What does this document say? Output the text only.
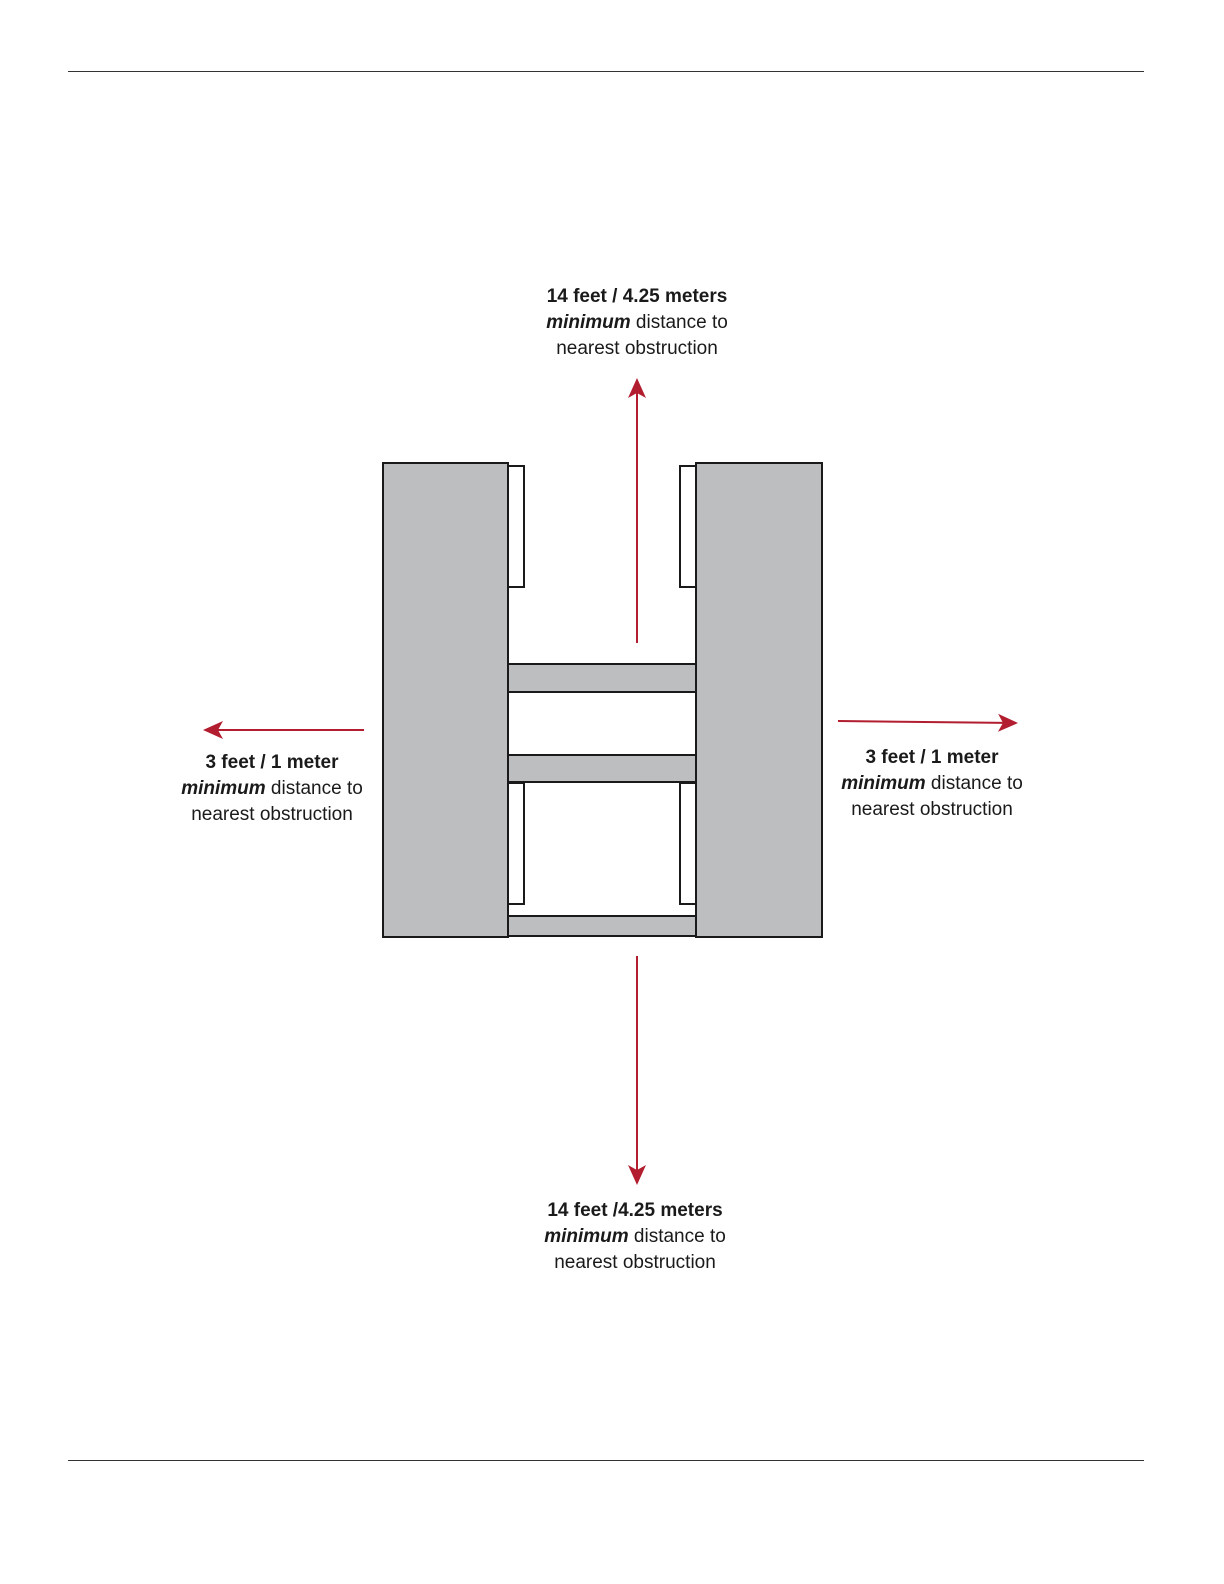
14 feet / 4.25 meters
minimum distance to
nearest obstruction
14 feet /4.25 meters
minimum distance to
nearest obstruction
3 feet / 1 meter
minimum distance to
nearest obstruction
3 feet / 1 meter
minimum distance to
nearest obstruction
